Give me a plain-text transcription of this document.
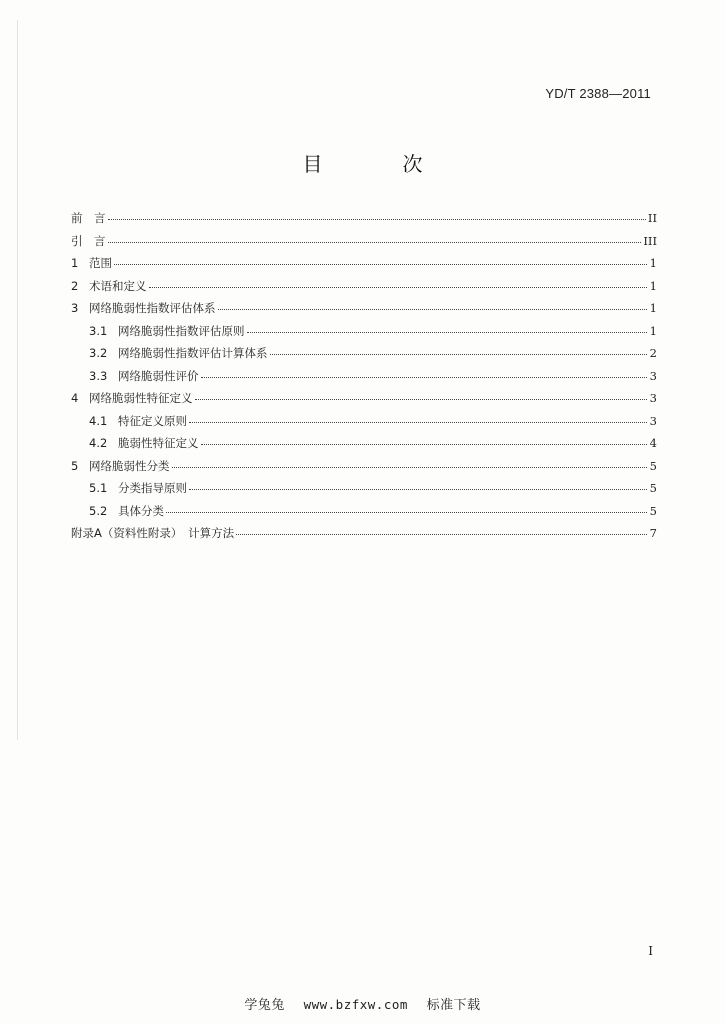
YD/T 2388—2011
目　次
前　言	II
引　言	III
1 范围	1
2 术语和定义	1
3 网络脆弱性指数评估体系	1
3.1 网络脆弱性指数评估原则	1
3.2 网络脆弱性指数评估计算体系	2
3.3 网络脆弱性评价	3
4 网络脆弱性特征定义	3
4.1 特征定义原则	3
4.2 脆弱性特征定义	4
5 网络脆弱性分类	5
5.1 分类指导原则	5
5.2 具体分类	5
附录A（资料性附录）　计算方法	7
I
学兔兔 www.bzfxw.com 标准下载
